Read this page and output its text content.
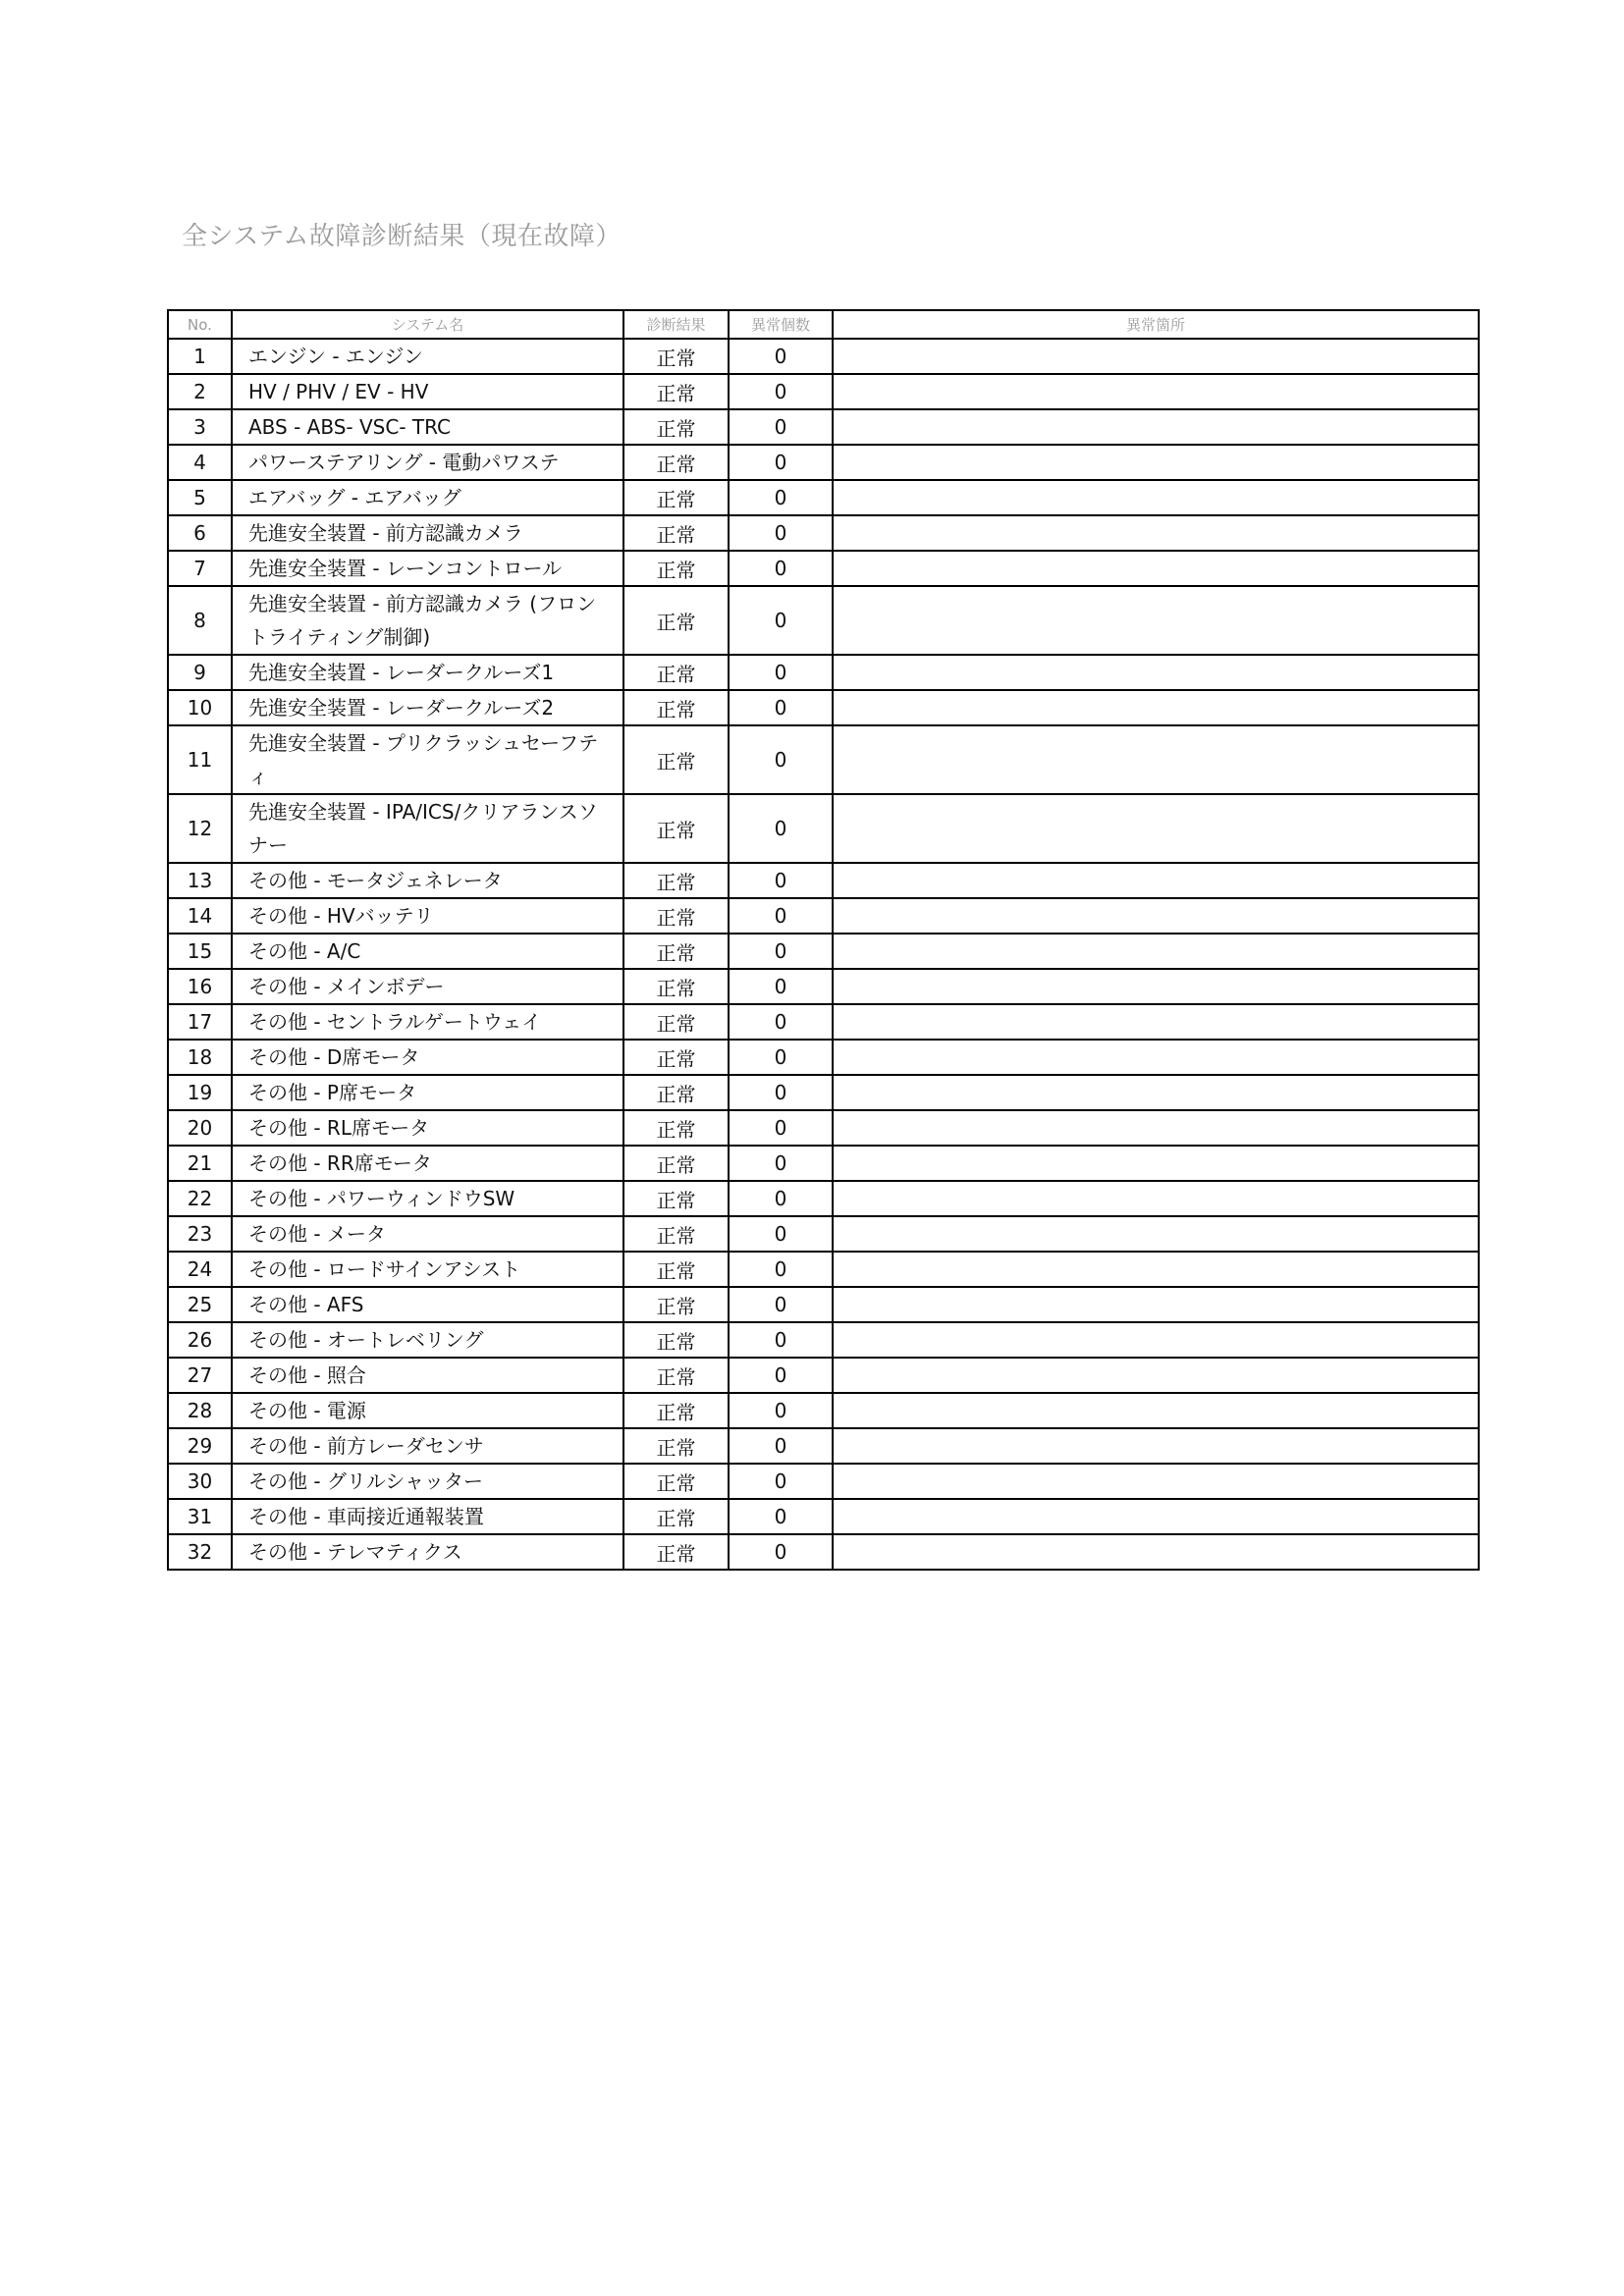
全システム故障診断結果（現在故障）
No.	システム名	診断結果	異常個数	異常箇所
1	エンジン - エンジン	正常	0	
2	HV / PHV / EV - HV	正常	0	
3	ABS - ABS- VSC- TRC	正常	0	
4	パワーステアリング - 電動パワステ	正常	0	
5	エアバッグ - エアバッグ	正常	0	
6	先進安全装置 - 前方認識カメラ	正常	0	
7	先進安全装置 - レーンコントロール	正常	0	
8	先進安全装置 - 前方認識カメラ (フロントライティング制御)	正常	0	
9	先進安全装置 - レーダークルーズ1	正常	0	
10	先進安全装置 - レーダークルーズ2	正常	0	
11	先進安全装置 - プリクラッシュセーフティ	正常	0	
12	先進安全装置 - IPA/ICS/クリアランスソナー	正常	0	
13	その他 - モータジェネレータ	正常	0	
14	その他 - HVバッテリ	正常	0	
15	その他 - A/C	正常	0	
16	その他 - メインボデー	正常	0	
17	その他 - セントラルゲートウェイ	正常	0	
18	その他 - D席モータ	正常	0	
19	その他 - P席モータ	正常	0	
20	その他 - RL席モータ	正常	0	
21	その他 - RR席モータ	正常	0	
22	その他 - パワーウィンドウSW	正常	0	
23	その他 - メータ	正常	0	
24	その他 - ロードサインアシスト	正常	0	
25	その他 - AFS	正常	0	
26	その他 - オートレベリング	正常	0	
27	その他 - 照合	正常	0	
28	その他 - 電源	正常	0	
29	その他 - 前方レーダセンサ	正常	0	
30	その他 - グリルシャッター	正常	0	
31	その他 - 車両接近通報装置	正常	0	
32	その他 - テレマティクス	正常	0	
